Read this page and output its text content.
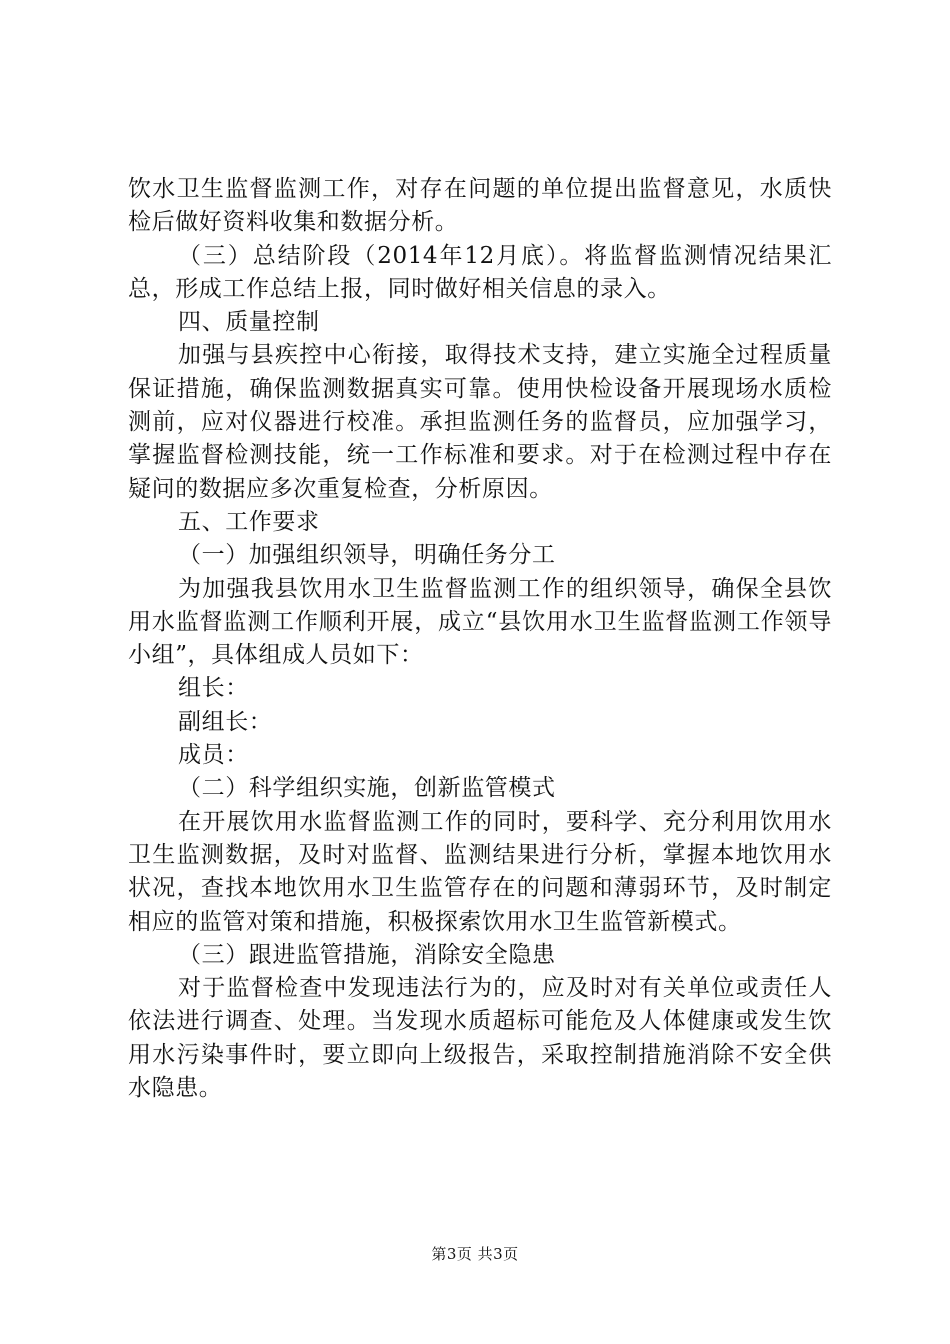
饮水卫生监督监测工作，对存在问题的单位提出监督意见，水质快检后做好资料收集和数据分析。

（三）总结阶段（2014年12月底）。将监督监测情况结果汇总，形成工作总结上报，同时做好相关信息的录入。

四、质量控制

加强与县疾控中心衔接，取得技术支持，建立实施全过程质量保证措施，确保监测数据真实可靠。使用快检设备开展现场水质检测前，应对仪器进行校准。承担监测任务的监督员，应加强学习，掌握监督检测技能，统一工作标准和要求。对于在检测过程中存在疑问的数据应多次重复检查，分析原因。

五、工作要求

（一）加强组织领导，明确任务分工

为加强我县饮用水卫生监督监测工作的组织领导，确保全县饮用水监督监测工作顺利开展，成立“县饮用水卫生监督监测工作领导小组”，具体组成人员如下：

组长：

副组长：

成员：

（二）科学组织实施，创新监管模式

在开展饮用水监督监测工作的同时，要科学、充分利用饮用水卫生监测数据，及时对监督、监测结果进行分析，掌握本地饮用水状况，查找本地饮用水卫生监管存在的问题和薄弱环节，及时制定相应的监管对策和措施，积极探索饮用水卫生监管新模式。

（三）跟进监管措施，消除安全隐患

对于监督检查中发现违法行为的，应及时对有关单位或责任人依法进行调查、处理。当发现水质超标可能危及人体健康或发生饮用水污染事件时，要立即向上级报告，采取控制措施消除不安全供水隐患。

第3页 共3页
